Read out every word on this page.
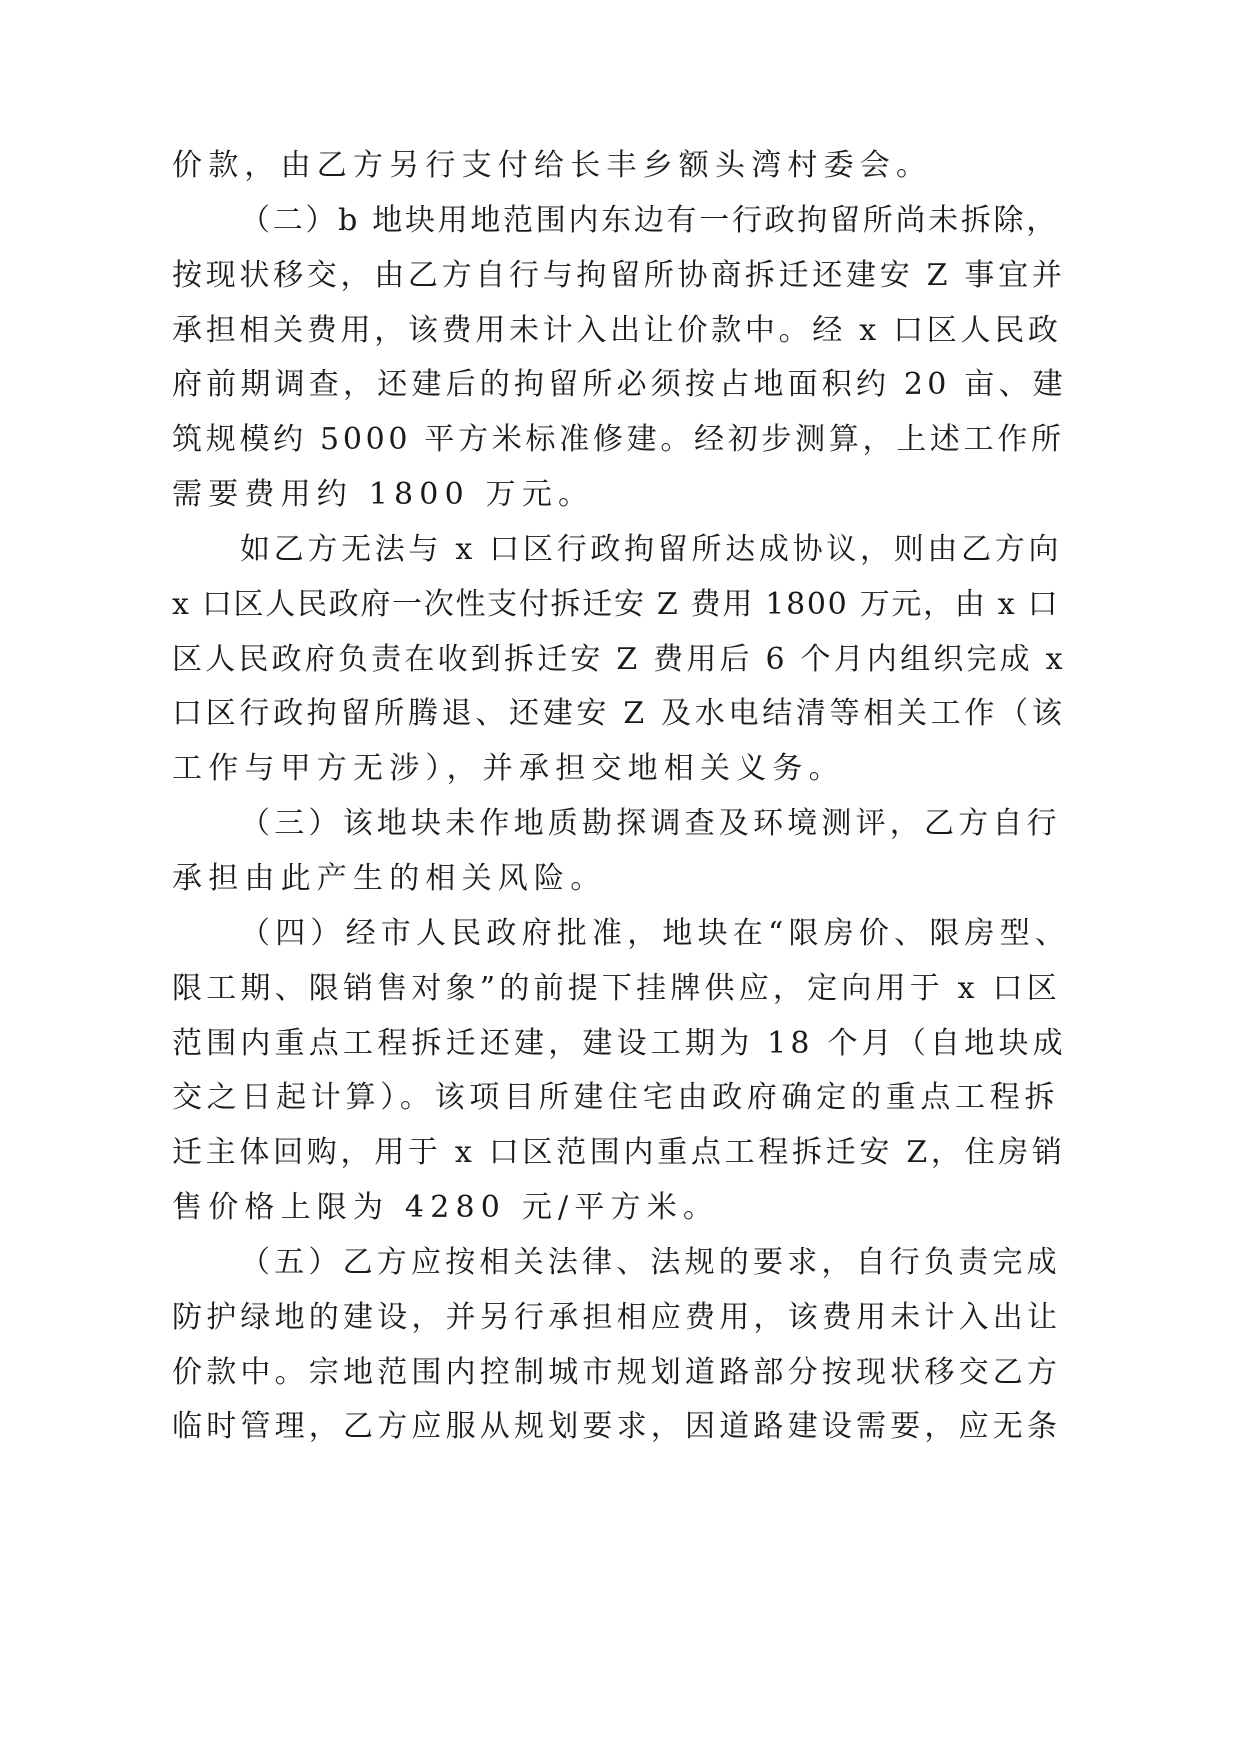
价款，由乙方另行支付给长丰乡额头湾村委会。

（二）b 地块用地范围内东边有一行政拘留所尚未拆除，

按现状移交，由乙方自行与拘留所协商拆迁还建安 Z 事宜并

承担相关费用，该费用未计入出让价款中。经 x 口区人民政

府前期调查，还建后的拘留所必须按占地面积约 20 亩、建

筑规模约 5000 平方米标准修建。经初步测算，上述工作所

需要费用约 1800 万元。

如乙方无法与 x 口区行政拘留所达成协议，则由乙方向

x 口区人民政府一次性支付拆迁安 Z 费用 1800 万元，由 x 口

区人民政府负责在收到拆迁安 Z 费用后 6 个月内组织完成 x

口区行政拘留所腾退、还建安 Z 及水电结清等相关工作（该

工作与甲方无涉），并承担交地相关义务。

（三）该地块未作地质勘探调查及环境测评，乙方自行

承担由此产生的相关风险。

（四）经市人民政府批准，地块在“限房价、限房型、

限工期、限销售对象”的前提下挂牌供应，定向用于 x 口区

范围内重点工程拆迁还建，建设工期为 18 个月（自地块成

交之日起计算）。该项目所建住宅由政府确定的重点工程拆

迁主体回购，用于 x 口区范围内重点工程拆迁安 Z，住房销

售价格上限为 4280 元/平方米。

（五）乙方应按相关法律、法规的要求，自行负责完成

防护绿地的建设，并另行承担相应费用，该费用未计入出让

价款中。宗地范围内控制城市规划道路部分按现状移交乙方

临时管理，乙方应服从规划要求，因道路建设需要，应无条
